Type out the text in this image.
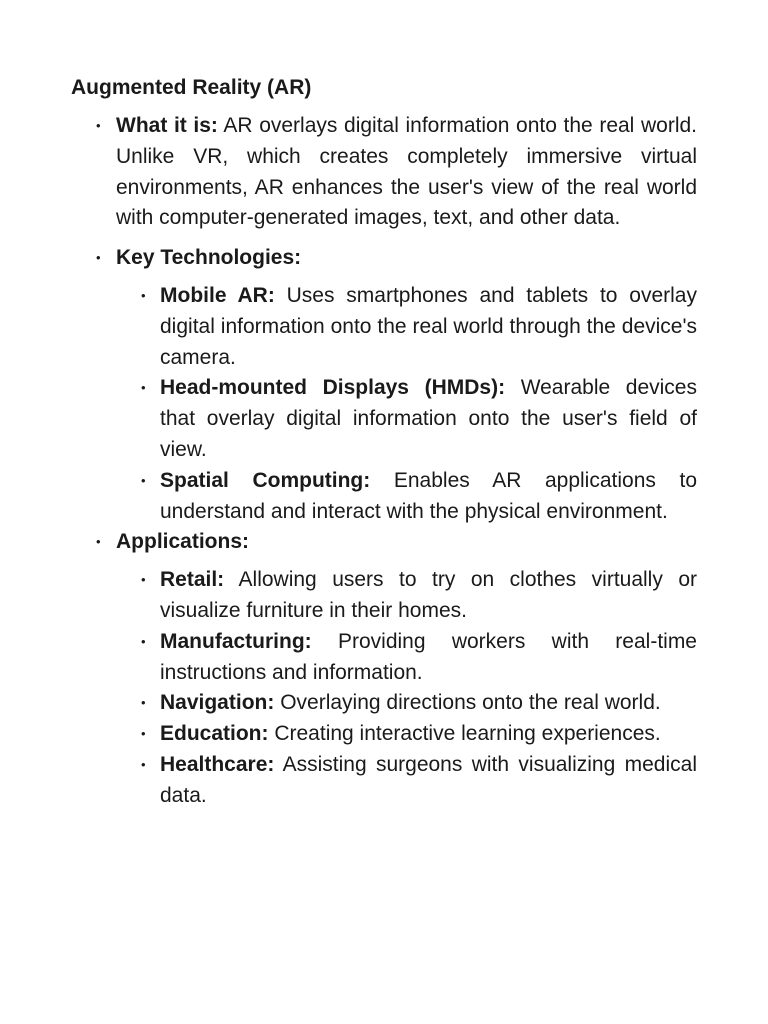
Augmented Reality (AR)
• What it is: AR overlays digital information onto the real world. Unlike VR, which creates completely immersive virtual environments, AR enhances the user's view of the real world with computer-generated images, text, and other data.
• Key Technologies:
• Mobile AR: Uses smartphones and tablets to overlay digital information onto the real world through the device's camera.
• Head-mounted Displays (HMDs): Wearable devices that overlay digital information onto the user's field of view.
• Spatial Computing: Enables AR applications to understand and interact with the physical environment.
• Applications:
• Retail: Allowing users to try on clothes virtually or visualize furniture in their homes.
• Manufacturing: Providing workers with real-time instructions and information.
• Navigation: Overlaying directions onto the real world.
• Education: Creating interactive learning experiences.
• Healthcare: Assisting surgeons with visualizing medical data.
